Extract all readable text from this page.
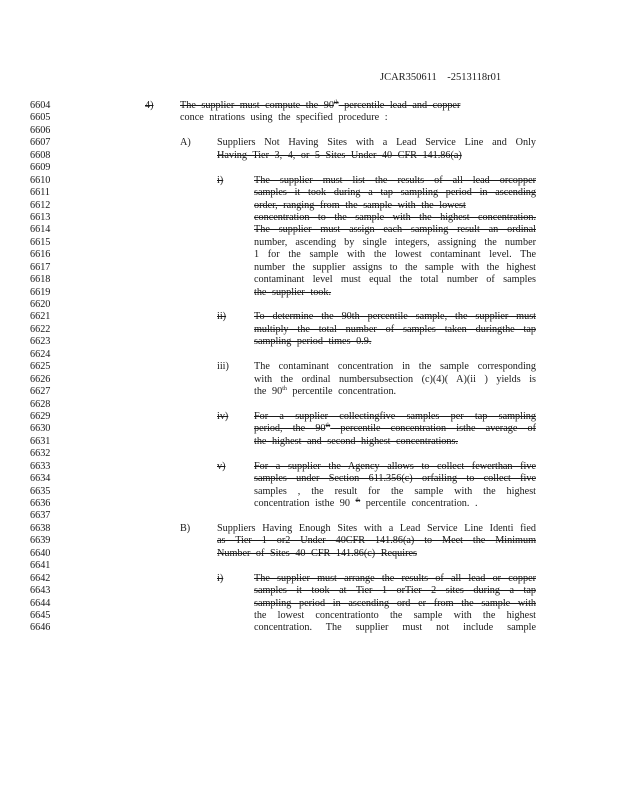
JCAR350611 -2513118r01
6604	4)	The supplier must compute the 90th percentile lead and copper
6605	conce ntrations using the specified procedure :
6606
6607	A)	Suppliers Not Having Sites with a Lead Service Line and Only
6608	Having Tier 3, 4, or 5 Sites Under 40 CFR 141.86(a)
6609
6610	i)	The supplier must list the results of all lead orcopper
6611	samples it took during a tap sampling period in ascending
6612	order, ranging from the sample with the lowest
6613	concentration to the sample with the highest concentration.
6614	The supplier must assign each sampling result an ordinal
6615	number, ascending by single integers, assigning the number
6616	1 for the sample with the lowest contaminant level. The
6617	number the supplier assigns to the sample with the highest
6618	contaminant level must equal the total number of samples
6619	the supplier took.
6620
6621	ii)	To determine the 90th percentile sample, the supplier must
6622	multiply the total number of samples taken duringthe tap
6623	sampling period times 0.9.
6624
6625	iii) The contaminant concentration in the sample corresponding
6626	with the ordinal numbersubsection (c)(4)( A)(ii ) yields is
6627	the 90th percentile concentration.
6628
6629	iv)	For a supplier collectingfive samples per tap sampling
6630	period, the 90th percentile concentration isthe average of
6631	the highest and second highest concentrations.
6632
6633	v)	For a supplier the Agency allows to collect fewerthan five
6634	samples under Section 611.356(c) orfailing to collect five
6635	samples , the result for the sample with the highest
6636	concentration isthe 90 $^{th}$ percentile concentration. .
6637
6638	B)	Suppliers Having Enough Sites with a Lead Service Line Identi fied
6639	as Tier 1 or2 Under 40CFR 141.86(a) to Meet the Minimum
6640	Number of Sites 40 CFR 141.86(c) Requires
6641
6642	i)	The supplier must arrange the results of all lead or copper
6643	samples it took at Tier 1 orTier 2 sites during a tap
6644	sampling period in ascending ord er from the sample with
6645	the lowest concentrationto the sample with the highest
6646	concentration. The supplier must not include sample
